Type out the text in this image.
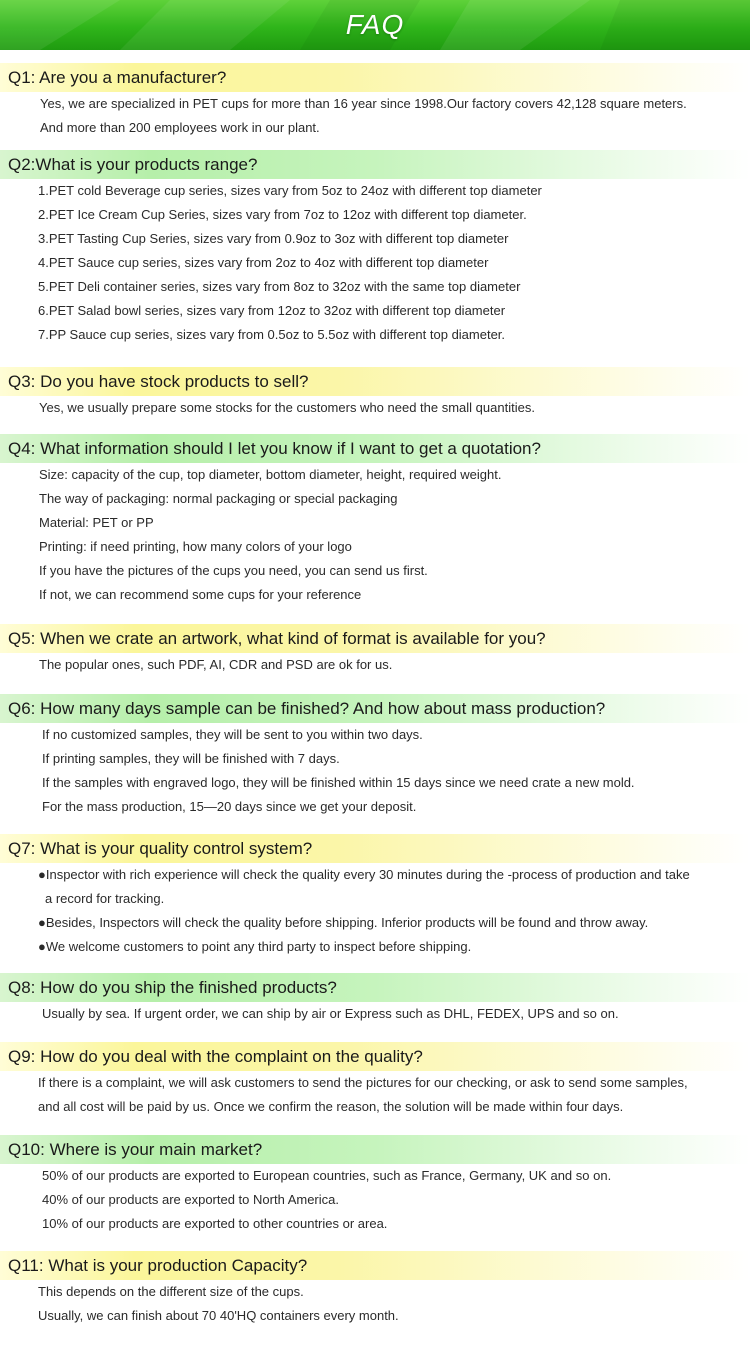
FAQ
Q1: Are you a manufacturer?
Yes, we are specialized in PET cups for more than 16 year since 1998.Our factory covers 42,128 square meters.
And more than 200 employees work in our plant.
Q2:What is your products range?
1.PET cold Beverage cup series, sizes vary from 5oz to 24oz with different top diameter
2.PET Ice Cream Cup Series, sizes vary from 7oz to 12oz with different top diameter.
3.PET Tasting Cup Series, sizes vary from 0.9oz to 3oz with different top diameter
4.PET Sauce cup series, sizes vary from 2oz to 4oz with different top diameter
5.PET Deli container series, sizes vary from 8oz to 32oz with the same top diameter
6.PET Salad bowl series, sizes vary from 12oz to 32oz with different top diameter
7.PP Sauce cup series, sizes vary from 0.5oz to 5.5oz with different top diameter.
Q3: Do you have stock products to sell?
Yes, we usually prepare some stocks for the customers who need the small quantities.
Q4: What information should I let you know if I want to get a quotation?
Size: capacity of the cup, top diameter, bottom diameter, height, required weight.
The way of packaging: normal packaging or special packaging
Material: PET or PP
Printing: if need printing, how many colors of your logo
If you have the pictures of the cups you need, you can send us first.
If not, we can recommend some cups for your reference
Q5: When we crate an artwork, what kind of format is available for you?
The popular ones, such PDF, AI, CDR and PSD are ok for us.
Q6: How many days sample can be finished? And how about mass production?
If no customized samples, they will be sent to you within two days.
If printing samples, they will be finished with 7 days.
If the samples with engraved logo, they will be finished within 15 days since we need crate a new mold.
For the mass production, 15—20 days since we get your deposit.
Q7: What is your quality control system?
●Inspector with rich experience will check the quality every 30 minutes during the -process of production and take
a record for tracking.
●Besides, Inspectors will check the quality before shipping. Inferior products will be found and throw away.
●We welcome customers to point any third party to inspect before shipping.
Q8: How do you ship the finished products?
Usually by sea. If urgent order, we can ship by air or Express such as DHL, FEDEX, UPS and so on.
Q9: How do you deal with the complaint on the quality?
If there is a complaint, we will ask customers to send the pictures for our checking, or ask to send some samples,
and all cost will be paid by us. Once we confirm the reason, the solution will be made within four days.
Q10: Where is your main market?
50% of our products are exported to European countries, such as France, Germany, UK and so on.
40% of our products are exported to North America.
10% of our products are exported to other countries or area.
Q11: What is your production Capacity?
This depends on the different size of the cups.
Usually, we can finish about 70 40'HQ containers every month.
